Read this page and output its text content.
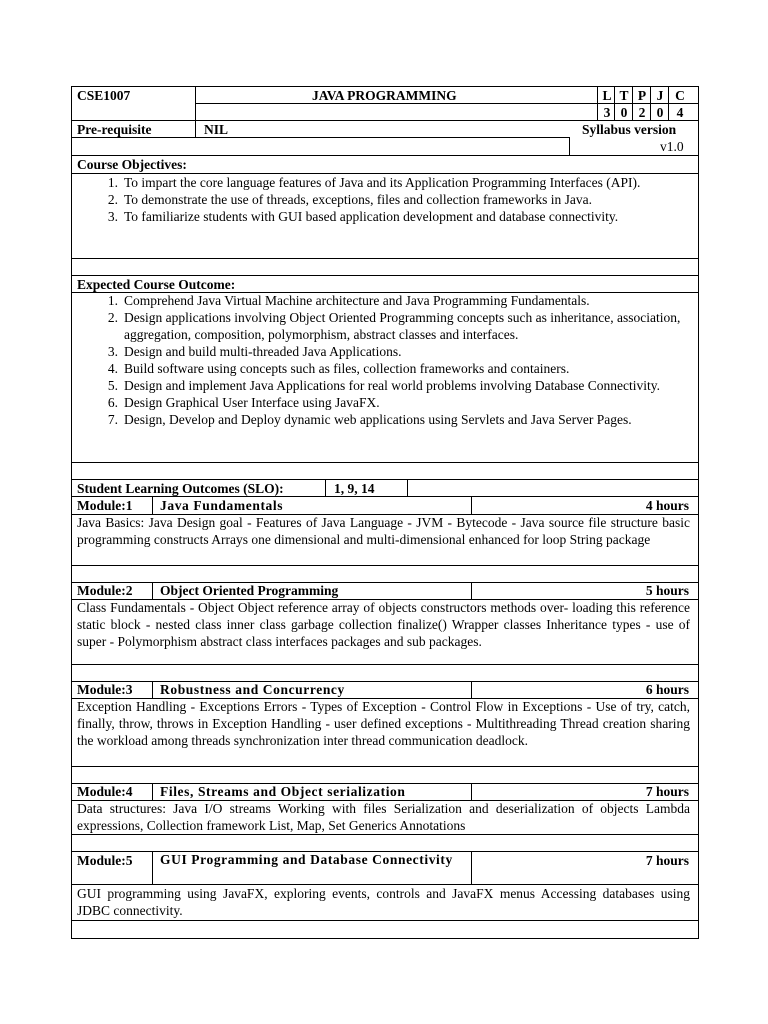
CSE1007	JAVA PROGRAMMING	L T P J C
3 0 2 0 4
Pre-requisite	NIL	Syllabus version
v1.0
Course Objectives:
1. To impart the core language features of Java and its Application Programming Interfaces (API).
2. To demonstrate the use of threads, exceptions, files and collection frameworks in Java.
3. To familiarize students with GUI based application development and database connectivity.
Expected Course Outcome:
1. Comprehend Java Virtual Machine architecture and Java Programming Fundamentals.
2. Design applications involving Object Oriented Programming concepts such as inheritance, association, aggregation, composition, polymorphism, abstract classes and interfaces.
3. Design and build multi-threaded Java Applications.
4. Build software using concepts such as files, collection frameworks and containers.
5. Design and implement Java Applications for real world problems involving Database Connectivity.
6. Design Graphical User Interface using JavaFX.
7. Design, Develop and Deploy dynamic web applications using Servlets and Java Server Pages.
Student Learning Outcomes (SLO):	1, 9, 14
Module:1 Java Fundamentals	4 hours
Java Basics: Java Design goal - Features of Java Language - JVM - Bytecode - Java source file structure basic programming constructs Arrays one dimensional and multi-dimensional enhanced for loop String package
Module:2 Object Oriented Programming	5 hours
Class Fundamentals - Object Object reference array of objects constructors methods over- loading this reference static block - nested class inner class garbage collection finalize() Wrapper classes Inheritance types - use of super - Polymorphism abstract class interfaces packages and sub packages.
Module:3 Robustness and Concurrency	6 hours
Exception Handling - Exceptions Errors - Types of Exception - Control Flow in Exceptions - Use of try, catch, finally, throw, throws in Exception Handling - user defined exceptions - Multithreading Thread creation sharing the workload among threads synchronization inter thread communication deadlock.
Module:4 Files, Streams and Object serialization	7 hours
Data structures: Java I/O streams Working with files Serialization and deserialization of objects Lambda expressions, Collection framework List, Map, Set Generics Annotations
Module:5 GUI Programming and Database Connectivity	7 hours
GUI programming using JavaFX, exploring events, controls and JavaFX menus Accessing databases using JDBC connectivity.
